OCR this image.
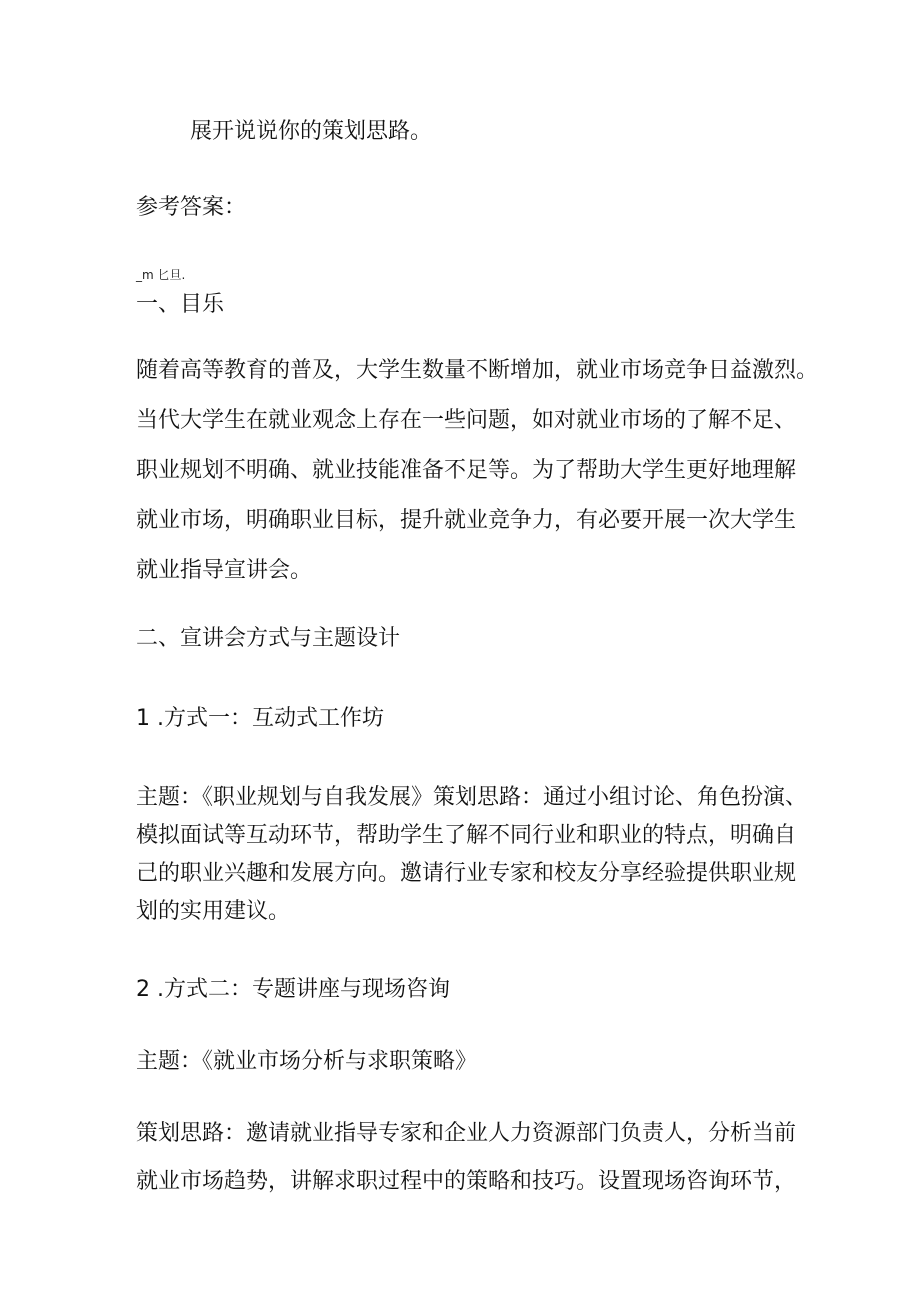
展开说说你的策划思路。

参考答案：

_m 匕旦.

一、目乐

随着高等教育的普及，大学生数量不断增加，就业市场竞争日益激烈。

当代大学生在就业观念上存在一些问题，如对就业市场的了解不足、

职业规划不明确、就业技能准备不足等。为了帮助大学生更好地理解

就业市场，明确职业目标，提升就业竞争力，有必要开展一次大学生

就业指导宣讲会。

二、宣讲会方式与主题设计

1 .方式一：互动式工作坊

主题：《职业规划与自我发展》策划思路：通过小组讨论、角色扮演、

模拟面试等互动环节，帮助学生了解不同行业和职业的特点，明确自

己的职业兴趣和发展方向。邀请行业专家和校友分享经验提供职业规

划的实用建议。

2 .方式二：专题讲座与现场咨询

主题：《就业市场分析与求职策略》

策划思路：邀请就业指导专家和企业人力资源部门负责人，分析当前

就业市场趋势，讲解求职过程中的策略和技巧。设置现场咨询环节，
